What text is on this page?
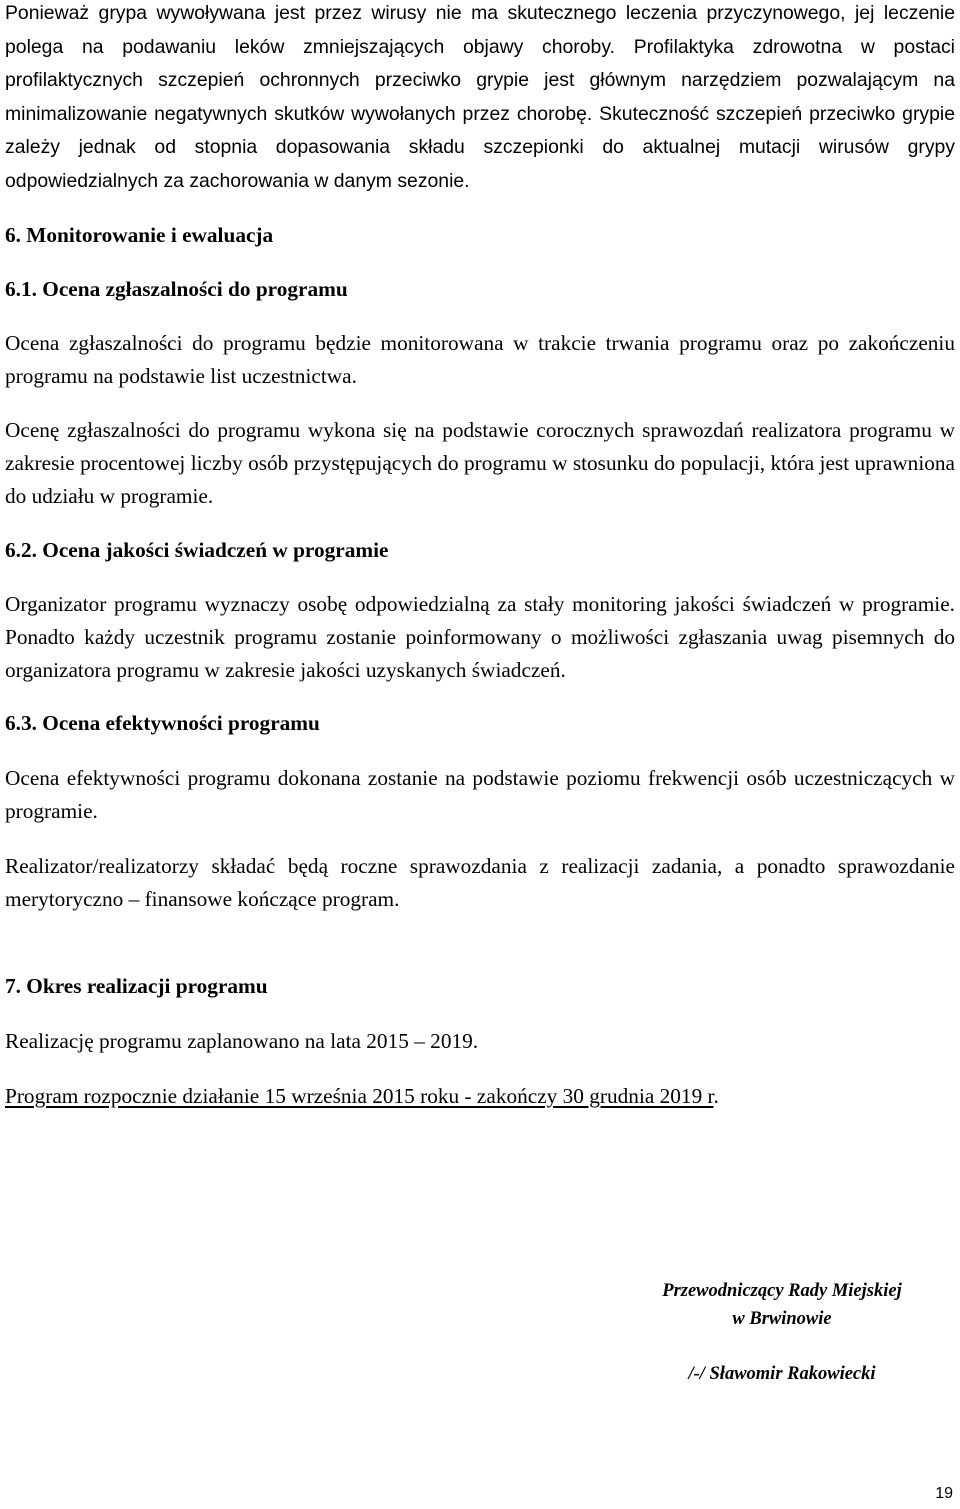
Ponieważ grypa wywoływana jest przez wirusy nie ma skutecznego leczenia przyczynowego, jej leczenie polega na podawaniu leków zmniejszających objawy choroby. Profilaktyka zdrowotna w postaci profilaktycznych szczepień ochronnych przeciwko grypie jest głównym narzędziem pozwalającym na minimalizowanie negatywnych skutków wywołanych przez chorobę. Skuteczność szczepień przeciwko grypie zależy jednak od stopnia dopasowania składu szczepionki do aktualnej mutacji wirusów grypy odpowiedzialnych za zachorowania w danym sezonie.

6. Monitorowanie i ewaluacja

6.1. Ocena zgłaszalności do programu

Ocena zgłaszalności do programu będzie monitorowana w trakcie trwania programu oraz po zakończeniu programu na podstawie list uczestnictwa.

Ocenę zgłaszalności do programu wykona się na podstawie corocznych sprawozdań realizatora programu w zakresie procentowej liczby osób przystępujących do programu w stosunku do populacji, która jest uprawniona do udziału w programie.

6.2. Ocena jakości świadczeń w programie

Organizator programu wyznaczy osobę odpowiedzialną za stały monitoring jakości świadczeń w programie. Ponadto każdy uczestnik programu zostanie poinformowany o możliwości zgłaszania uwag pisemnych do organizatora programu w zakresie jakości uzyskanych świadczeń.

6.3. Ocena efektywności programu

Ocena efektywności programu dokonana zostanie na podstawie poziomu frekwencji osób uczestniczących w programie.

Realizator/realizatorzy składać będą roczne sprawozdania z realizacji zadania, a ponadto sprawozdanie merytoryczno – finansowe kończące program.

7. Okres realizacji programu

Realizację programu zaplanowano na lata 2015 – 2019.

Program rozpocznie działanie 15 września 2015 roku - zakończy 30 grudnia 2019 r.

Przewodniczący Rady Miejskiej
w Brwinowie
/-/ Sławomir Rakowiecki
19
